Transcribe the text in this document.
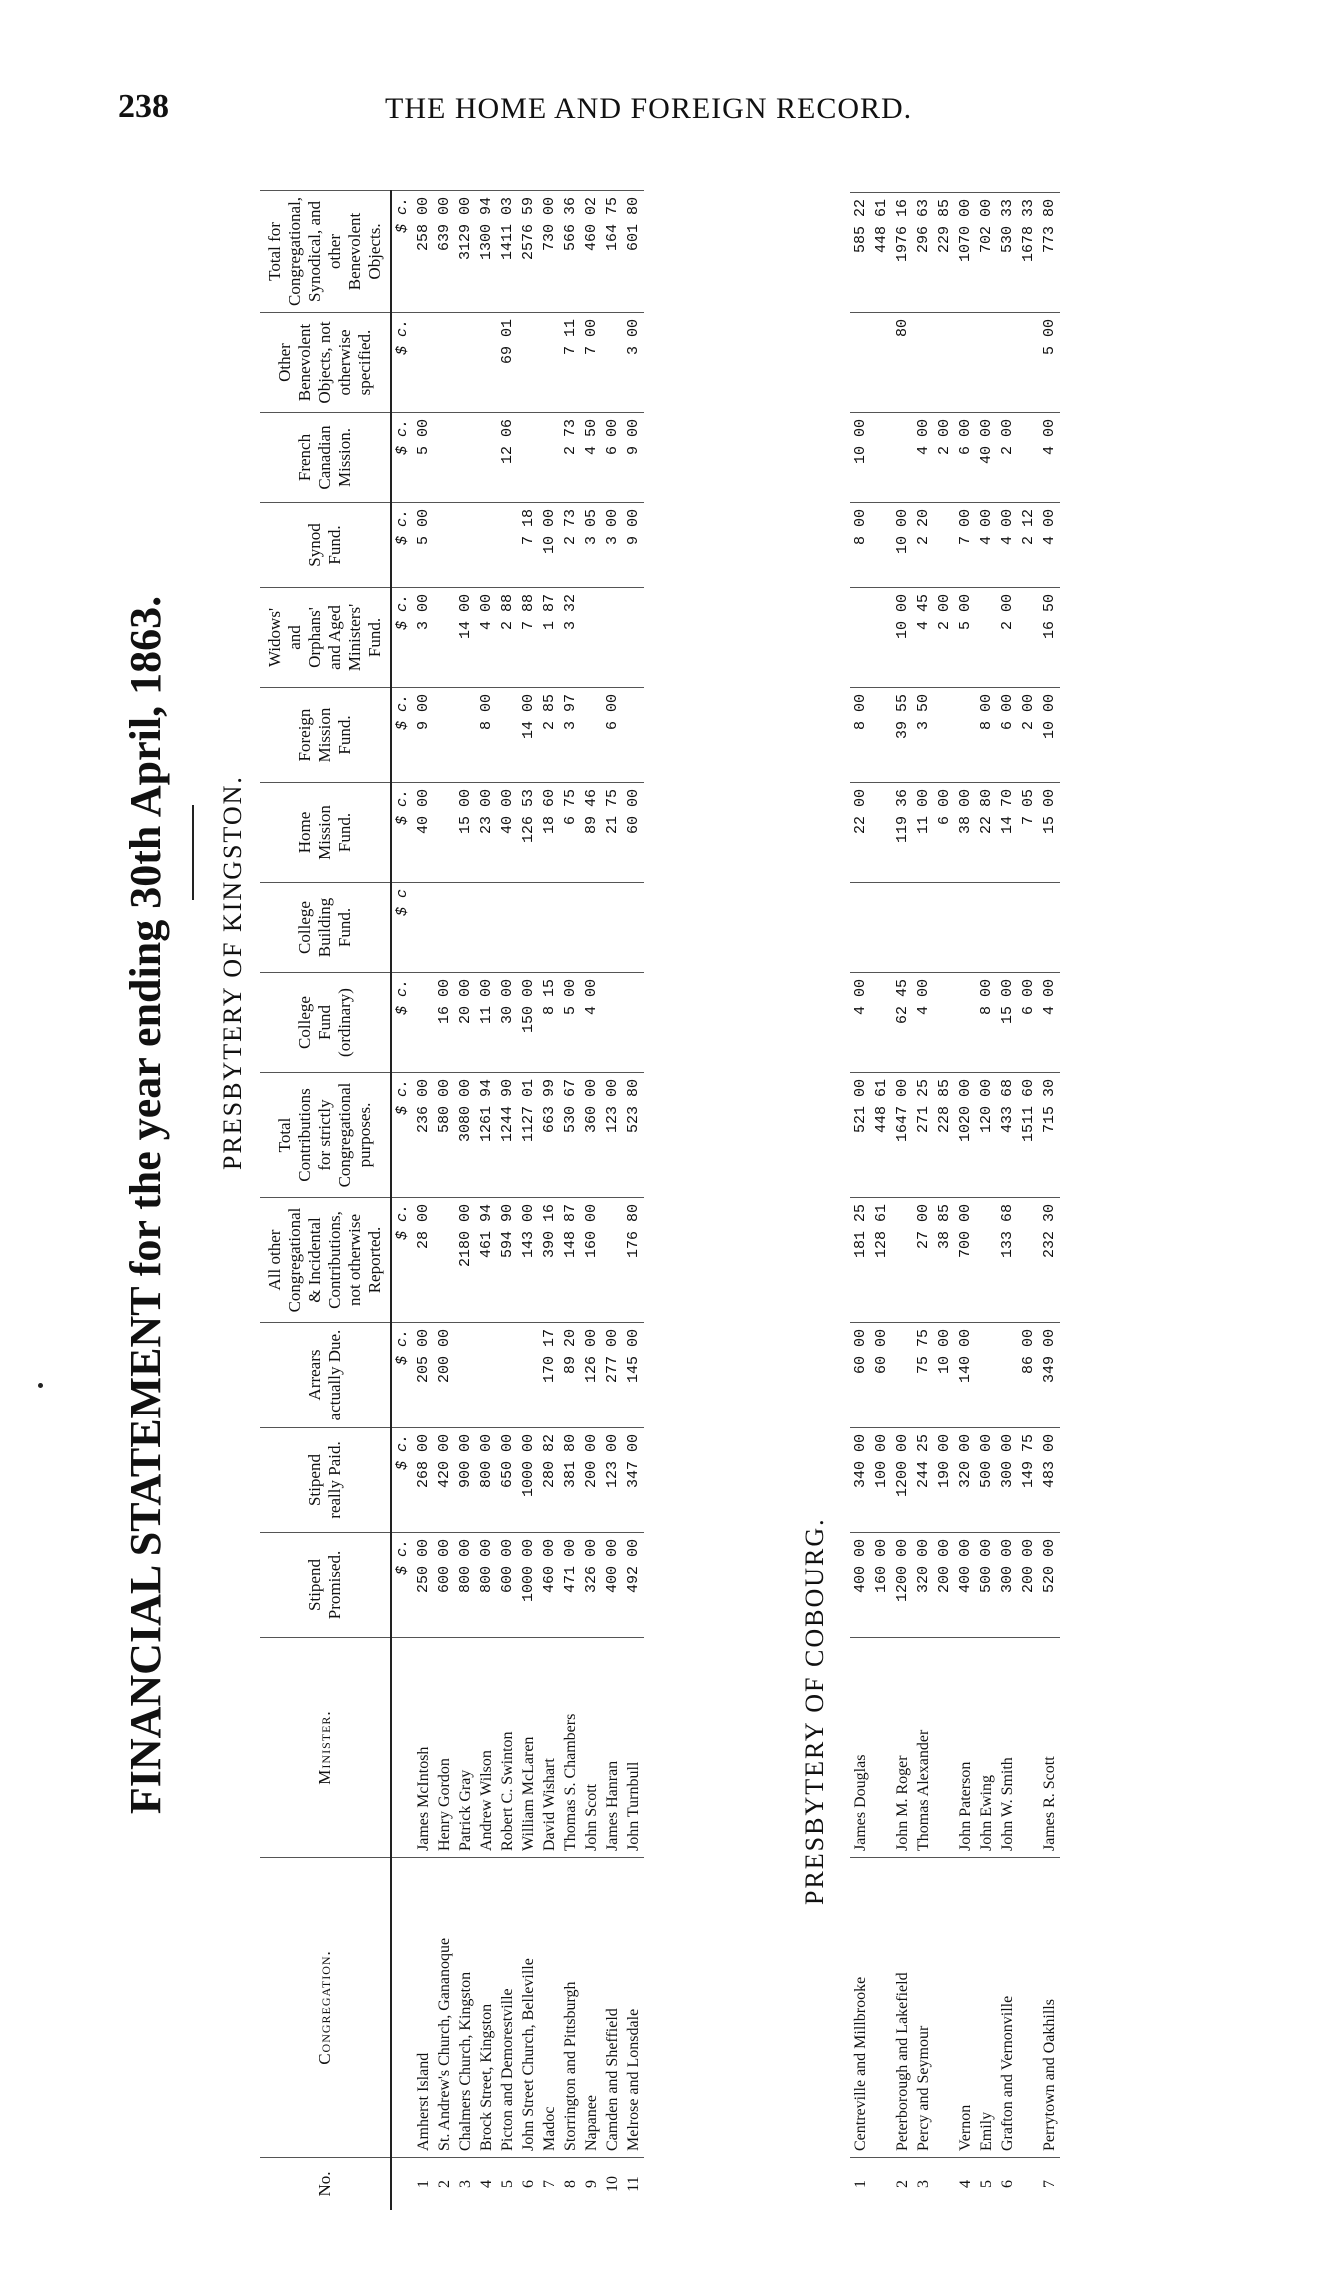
238	THE HOME AND FOREIGN RECORD.
FINANCIAL STATEMENT for the year ending 30th April, 1863. PRESBYTERY OF KINGSTON.
No.	Congregation.	Minister.	Stipend Promised.	Stipend really Paid.	Arrears actually Due.	All other Congregational & Incidental Contributions, not otherwise Reported.	Total Contributions for strictly Congregational purposes.	College Fund (ordinary)	College Building Fund.	Home Mission Fund.	Foreign Mission Fund.	Widows' and Orphans' and Aged Ministers' Fund.	Synod Fund.	French Canadian Mission.	Other Benevolent Objects, not otherwise specified.	Total for Congregational, Synodical, and other Benevolent Objects.
			$ c.	$ c.	$ c.	$ c.	$ c.	$ c.	$ c	$ c.	$ c.	$ c.	$ c.	$ c.	$ c.	$ c.
1	Amherst Island	James McIntosh	250 00	268 00	205 00	28 00	236 00			40 00	9 00	3 00	5 00	5 00		258 00
2	St. Andrew's Church, Gananoque	Henry Gordon	600 00	420 00	200 00		580 00	16 00								639 00
3	Chalmers Church, Kingston	Patrick Gray	800 00	900 00		2180 00	3080 00	20 00		15 00		14 00				3129 00
4	Brock Street, Kingston	Andrew Wilson	800 00	800 00		461 94	1261 94	11 00		23 00	8 00	4 00				1300 94
5	Picton and Demorestville	Robert C. Swinton	600 00	650 00		594 90	1244 90	30 00		40 00		2 88		12 06	69 01	1411 03
6	John Street Church, Belleville	William McLaren	1000 00	1000 00		143 00	1127 01	150 00		126 53	14 00	7 88	7 18			2576 59
7	Madoc	David Wishart	460 00	280 82	170 17	390 16	663 99	8 15		18 60	2 85	1 87	10 00			730 00
8	Storrington and Pittsburgh	Thomas S. Chambers	471 00	381 80	89 20	148 87	530 67	5 00		6 75	3 97	3 32	2 73	2 73	7 11	566 36
9	Napanee	John Scott	326 00	200 00	126 00	160 00	360 00	4 00		89 46			3 05	4 50	7 00	460 02
10	Camden and Sheffield	James Hanran	400 00	123 00	277 00		123 00			21 75	6 00		3 00	6 00		164 75
11	Melrose and Lonsdale	John Turnbull	492 00	347 00	145 00	176 80	523 80			60 00			9 00	9 00	3 00	601 80
PRESBYTERY OF COBOURG.
1	Centreville and Millbrooke	James Douglas	400 00	340 00	60 00	181 25	521 00	4 00		22 00	8 00		8 00	10 00		585 22
			160 00	100 00	60 00	128 61	448 61									448 61
2	Peterborough and Lakefield	John M. Roger	1200 00	1200 00			1647 00	62 45		119 36	39 55	10 00	10 00		80	1976 16
3	Percy and Seymour	Thomas Alexander	320 00	244 25	75 75	27 00	271 25	4 00		11 00	3 50	4 45	2 20	4 00		296 63
			200 00	190 00	10 00	38 85	228 85			6 00		2 00		2 00		229 85
4	Vernon	John Paterson	400 00	320 00	140 00	700 00	1020 00			38 00		5 00	7 00	6 00		1070 00
5	Emily	John Ewing	500 00	500 00			120 00	8 00		22 80	8 00		4 00	40 00		702 00
6	Grafton and Vernonville	John W. Smith	300 00	300 00		133 68	433 68	15 00		14 70	6 00	2 00	4 00	2 00		530 33
			200 00	149 75	86 00		1511 60	6 00		7 05	2 00		2 12			1678 33
7	Perrytown and Oakhills	James R. Scott	520 00	483 00	349 00	232 30	715 30	4 00		15 00	10 00	16 50	4 00	4 00	5 00	773 80
